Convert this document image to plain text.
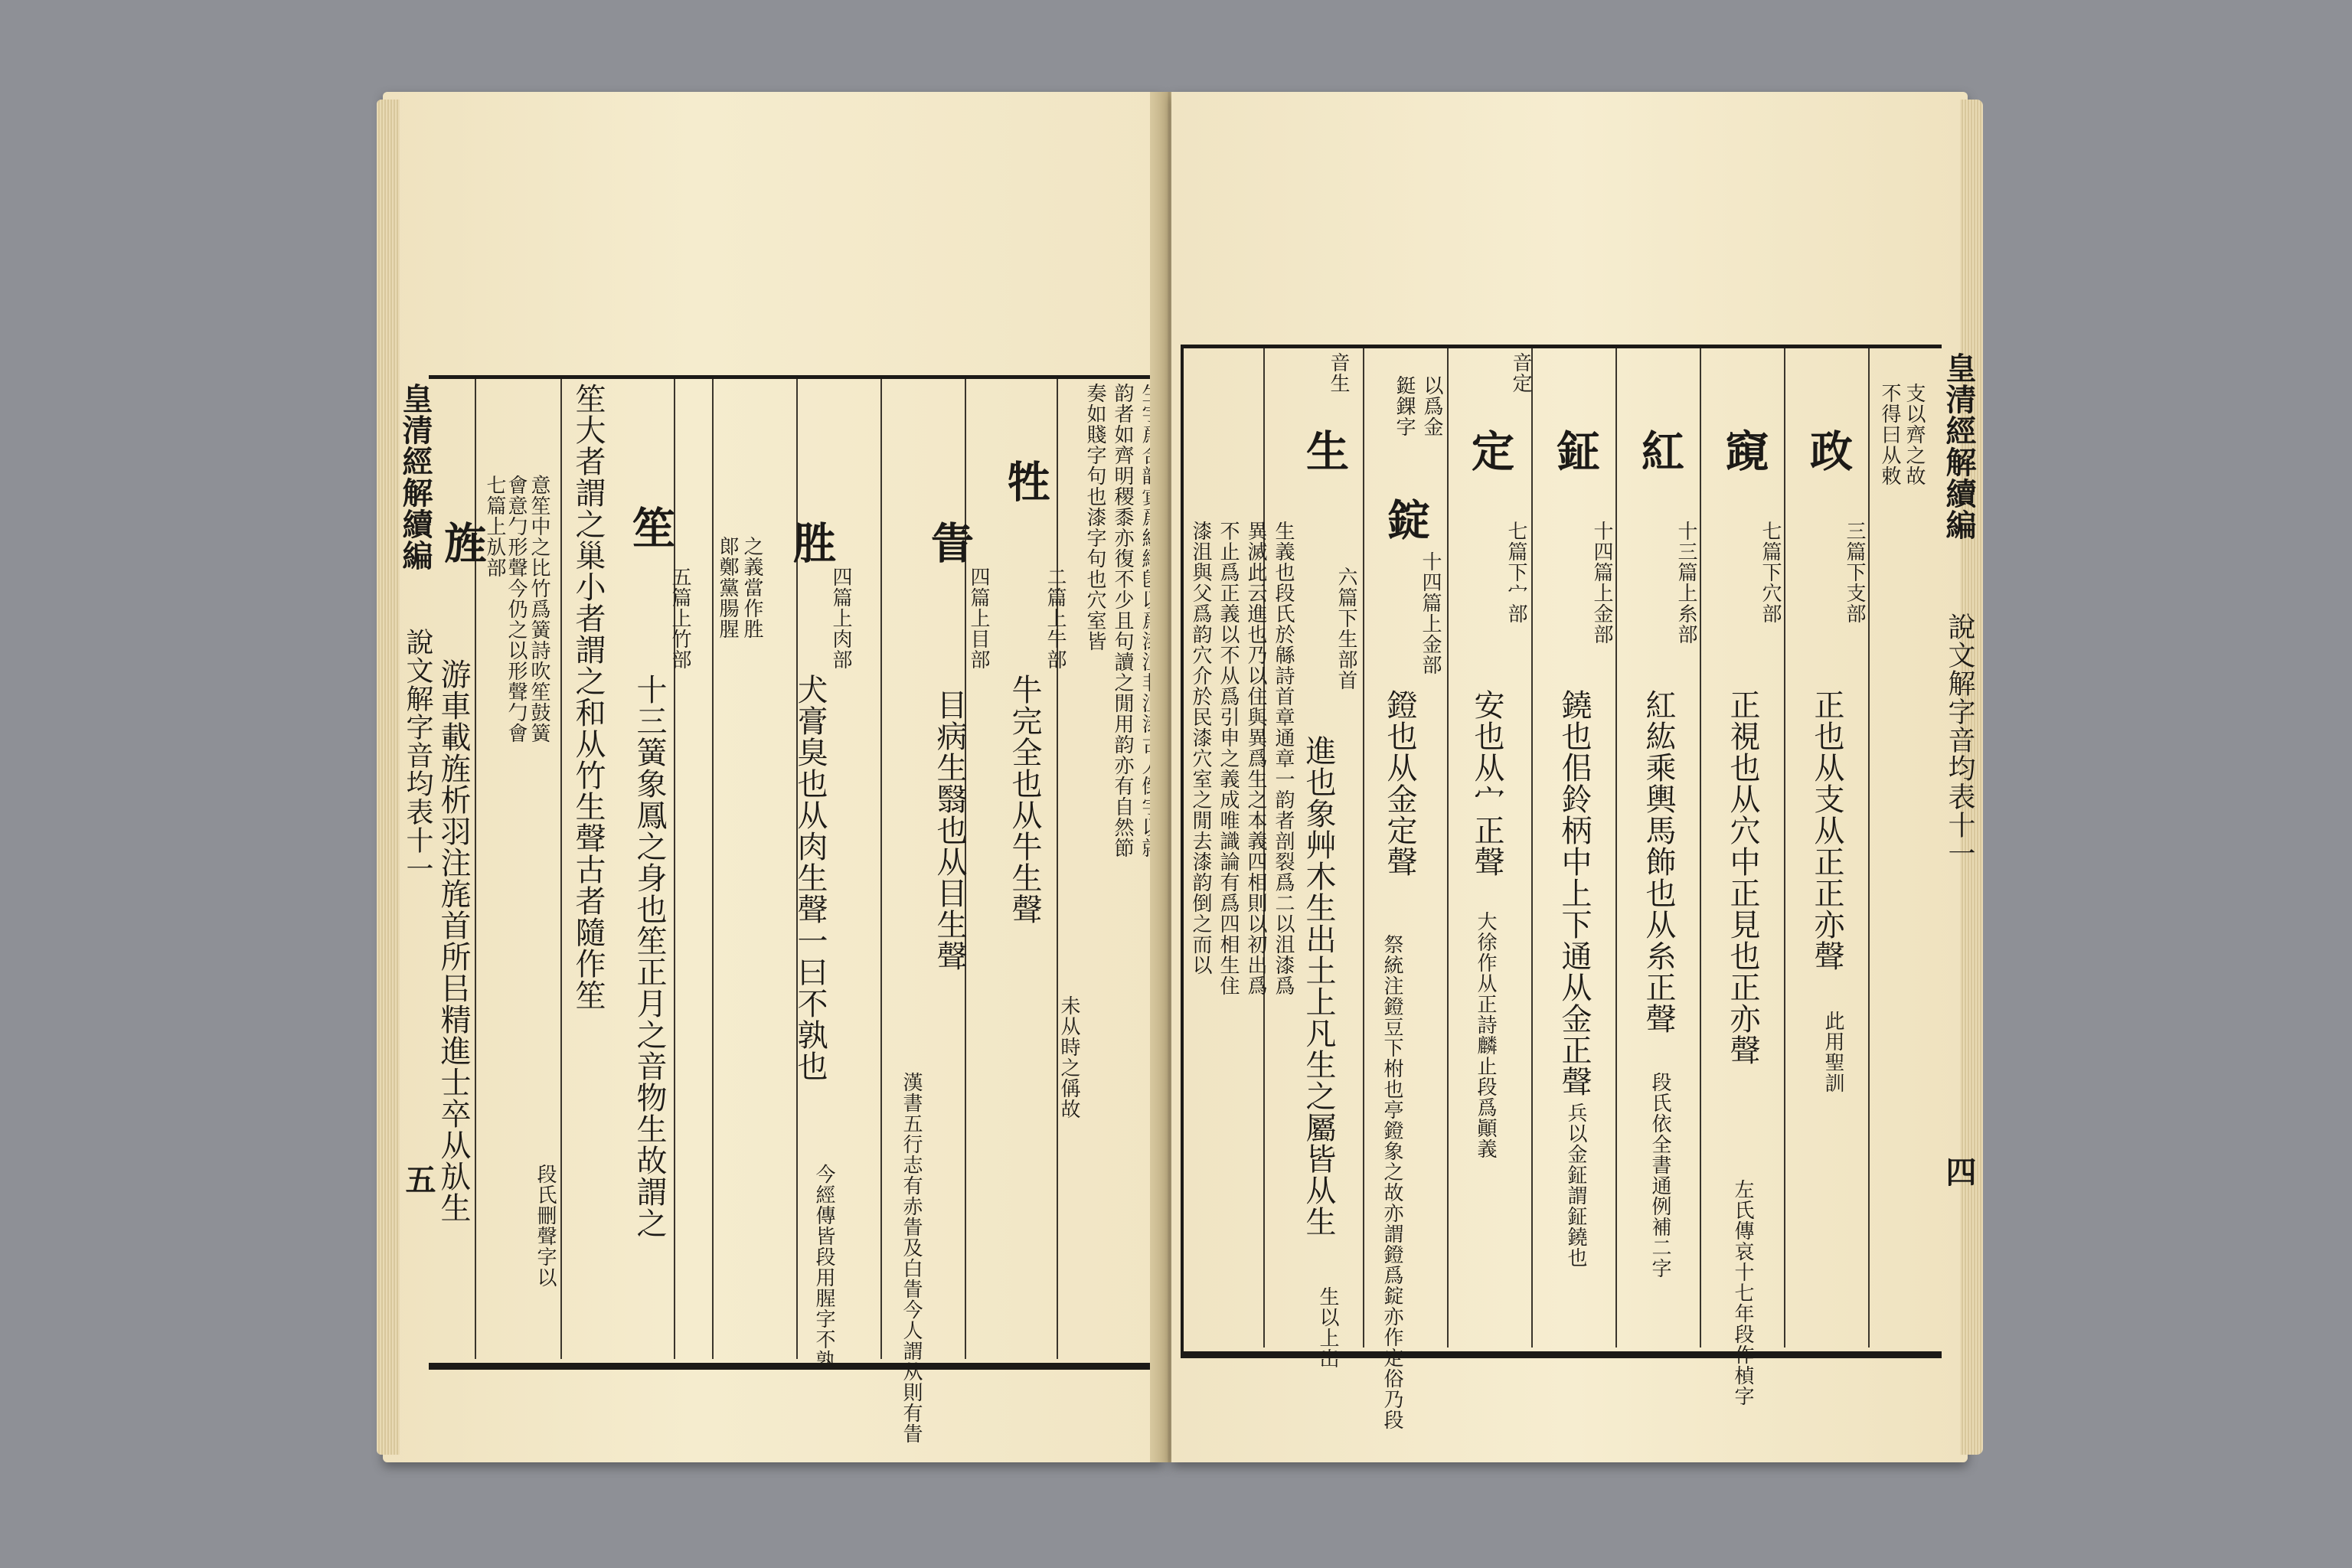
皇清經解續編
說文解字音均表十一
五
旌
七篇上㫃部
游車載旌析羽注旄首所㠯精進士卒从㫃生
會意勹形聲今仍之以形聲勹會 意笙中之比竹爲簧詩吹笙鼓簧 笙大者謂之巢小者謂之和从竹生聲古者隨作笙
段氏刪聲字以
笙
五篇上竹部
十三簧象鳳之身也笙正月之音物生故謂之
郞鄭黨腸腥 之義當作胜 胜
四篇上肉部
犬膏臭也从肉生聲一曰不孰也
今經傳皆段用腥字不孰
眚
四篇上目部
目病生翳也从目生聲
漢書五行志有赤眚及白眚今人謂从則有眚
牲
二篇上牛部
牛完全也从牛生聲
未从時之偁故
韵者如齊明稷黍亦復不少且句讀之閒用韵亦有自然節
奏如賤字句也漆字句也穴室皆	皇清經解續編
說文解字音均表十一
四
不止爲正義以不从爲引申之義成唯識論有爲四相生住 異滅此云進也乃以住與異爲生之本義四相則以初出爲 生義也段氏於緜詩首章通章一韵者剖裂爲二以沮漆爲
漆沮與父爲韵穴介於民漆穴室之閒去漆韵倒之而以
音生
生
六篇下生部首
進也象艸木生出土上凡生之屬皆从生
生以上出
以爲金
鋌錁字
錠
十四篇上金部
鐙也从金定聲
祭統注鐙豆下柎也亭鐙象之故亦謂鐙爲錠亦作定俗乃段
音定
定
七篇下宀部
安也从宀正聲
大徐作从正詩麟止段爲顚義
鉦
十四篇上金部
鐃也佀鈴柄中上下通从金正聲
兵以金鉦謂鉦鐃也
紅
十三篇上糸部
紅紘乘輿馬飾也从糸正聲
段氏依全書通例補二字
竀
七篇下穴部
正視也从穴中正見也正亦聲
左氏傳哀十七年段作楨字
政
三篇下支部
正也从支从正正亦聲
此用聖訓
支以齊之故
不得曰从敕
